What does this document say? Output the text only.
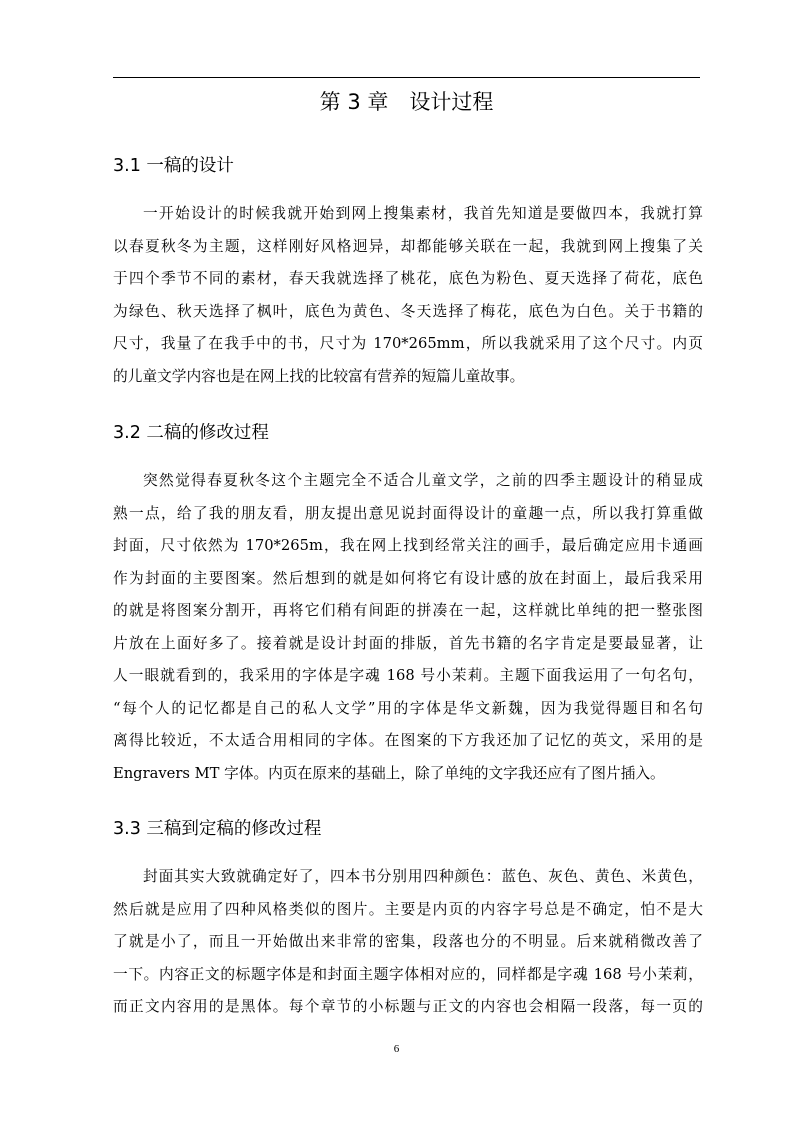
第 3 章　设计过程
3.1 一稿的设计
一开始设计的时候我就开始到网上搜集素材，我首先知道是要做四本，我就打算
以春夏秋冬为主题，这样刚好风格迥异，却都能够关联在一起，我就到网上搜集了关
于四个季节不同的素材，春天我就选择了桃花，底色为粉色、夏天选择了荷花，底色
为绿色、秋天选择了枫叶，底色为黄色、冬天选择了梅花，底色为白色。关于书籍的
尺寸，我量了在我手中的书，尺寸为 170*265mm，所以我就采用了这个尺寸。内页
的儿童文学内容也是在网上找的比较富有营养的短篇儿童故事。
3.2 二稿的修改过程
突然觉得春夏秋冬这个主题完全不适合儿童文学，之前的四季主题设计的稍显成
熟一点，给了我的朋友看，朋友提出意见说封面得设计的童趣一点，所以我打算重做
封面，尺寸依然为 170*265m，我在网上找到经常关注的画手，最后确定应用卡通画
作为封面的主要图案。然后想到的就是如何将它有设计感的放在封面上，最后我采用
的就是将图案分割开，再将它们稍有间距的拼凑在一起，这样就比单纯的把一整张图
片放在上面好多了。接着就是设计封面的排版，首先书籍的名字肯定是要最显著，让
人一眼就看到的，我采用的字体是字魂 168 号小茉莉。主题下面我运用了一句名句，
“每个人的记忆都是自己的私人文学”用的字体是华文新魏，因为我觉得题目和名句
离得比较近，不太适合用相同的字体。在图案的下方我还加了记忆的英文，采用的是
Engravers MT 字体。内页在原来的基础上，除了单纯的文字我还应有了图片插入。
3.3 三稿到定稿的修改过程
封面其实大致就确定好了，四本书分别用四种颜色：蓝色、灰色、黄色、米黄色，
然后就是应用了四种风格类似的图片。主要是内页的内容字号总是不确定，怕不是大
了就是小了，而且一开始做出来非常的密集，段落也分的不明显。后来就稍微改善了
一下。内容正文的标题字体是和封面主题字体相对应的，同样都是字魂 168 号小茉莉，
而正文内容用的是黑体。每个章节的小标题与正文的内容也会相隔一段落，每一页的
6
